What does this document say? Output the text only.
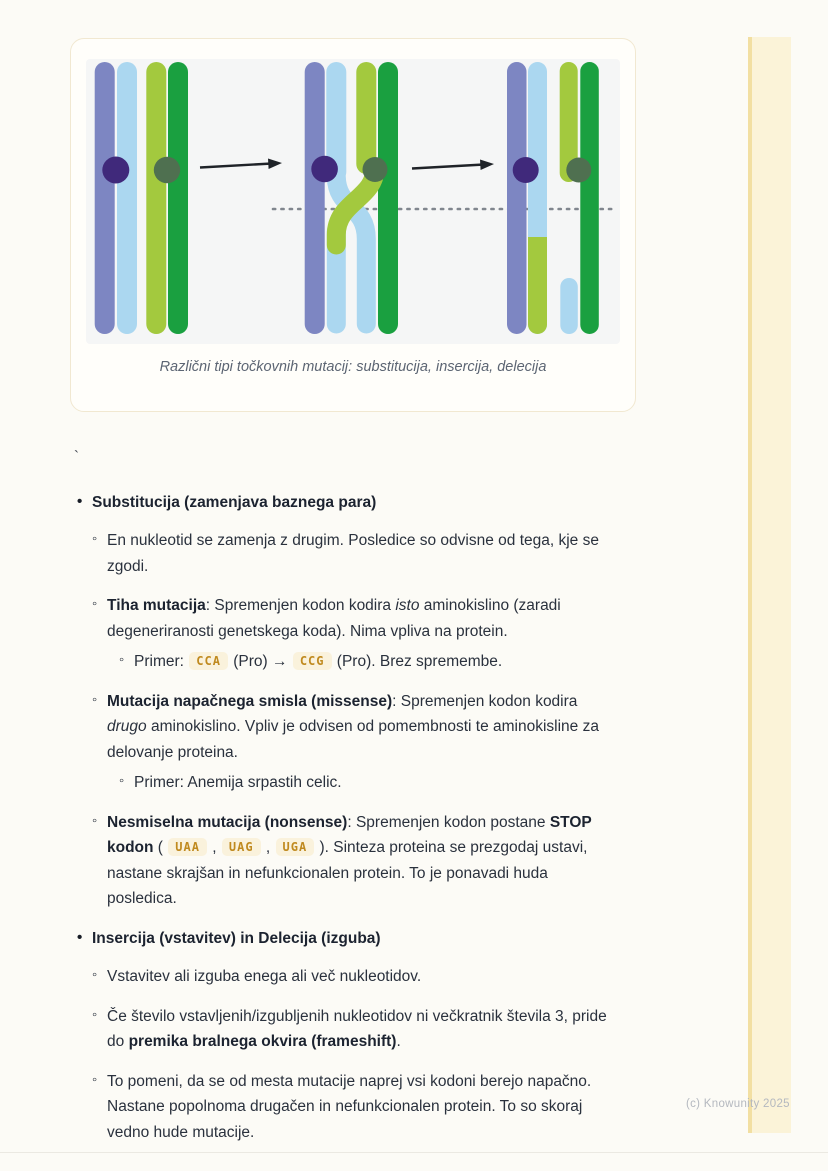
Različni tipi točkovnih mutacij: substitucija, insercija, delecija
`
• Substitucija (zamenjava baznega para)
◦ En nukleotid se zamenja z drugim. Posledice so odvisne od tega, kje se zgodi.
◦ Tiha mutacija: Spremenjen kodon kodira isto aminokislino (zaradi degeneriranosti genetskega koda). Nima vpliva na protein.
◦ Primer: CCA (Pro) → CCG (Pro). Brez spremembe.
◦ Mutacija napačnega smisla (missense): Spremenjen kodon kodira drugo aminokislino. Vpliv je odvisen od pomembnosti te aminokisline za delovanje proteina.
◦ Primer: Anemija srpastih celic.
◦ Nesmiselna mutacija (nonsense): Spremenjen kodon postane STOP kodon ( UAA , UAG , UGA ). Sinteza proteina se prezgodaj ustavi, nastane skrajšan in nefunkcionalen protein. To je ponavadi huda posledica.
• Insercija (vstavitev) in Delecija (izguba)
◦ Vstavitev ali izguba enega ali več nukleotidov.
◦ Če število vstavljenih/izgubljenih nukleotidov ni večkratnik števila 3, pride do premika bralnega okvira (frameshift).
◦ To pomeni, da se od mesta mutacije naprej vsi kodoni berejo napačno. Nastane popolnoma drugačen in nefunkcionalen protein. To so skoraj vedno hude mutacije.
(c) Knowunity 2025
